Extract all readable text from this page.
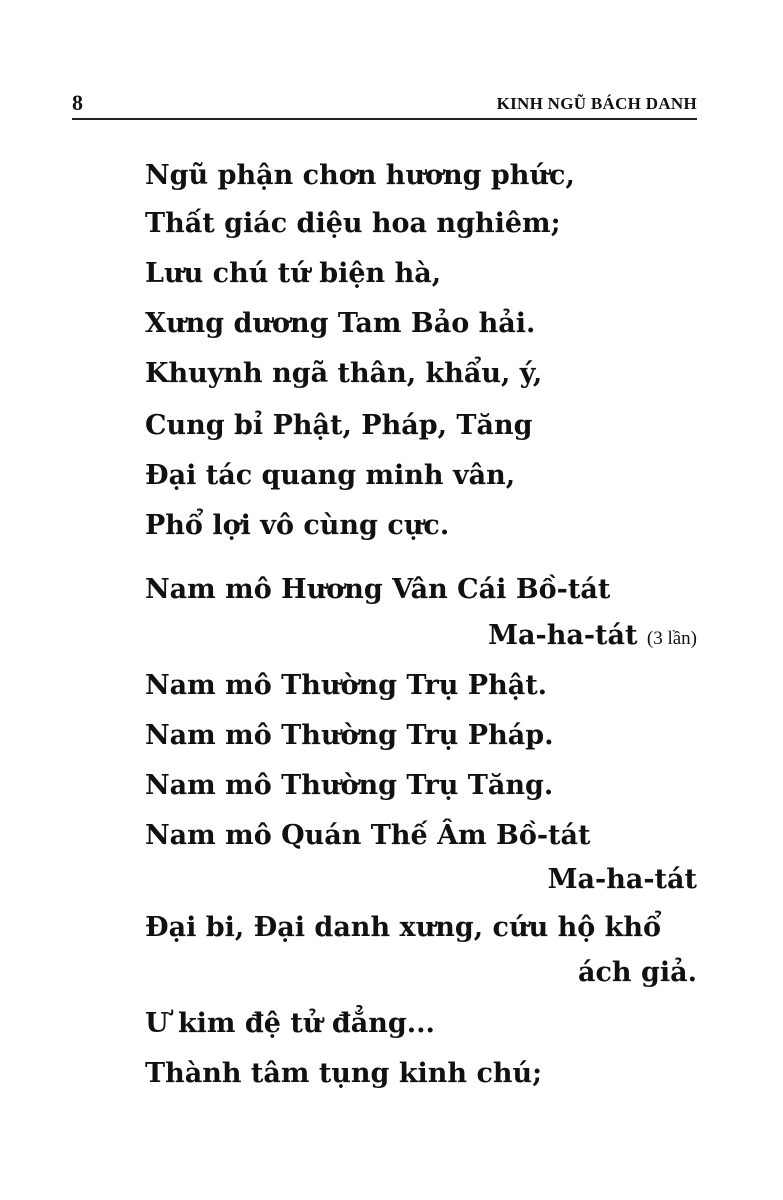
8	KINH NGŨ BÁCH DANH
Ngũ phận chơn hương phức,
Thất giác diệu hoa nghiêm;
Lưu chú tứ biện hà,
Xưng dương Tam Bảo hải.
Khuynh ngã thân, khẩu, ý,
Cung bỉ Phật, Pháp, Tăng
Đại tác quang minh vân,
Phổ lợi vô cùng cực.
Nam mô Hương Vân Cái Bồ-tát
Ma-ha-tát (3 lần)
Nam mô Thường Trụ Phật.
Nam mô Thường Trụ Pháp.
Nam mô Thường Trụ Tăng.
Nam mô Quán Thế Âm Bồ-tát
Ma-ha-tát
Đại bi, Đại danh xưng, cứu hộ khổ
ách giả.
Ư kim đệ tử đẳng...
Thành tâm tụng kinh chú;
